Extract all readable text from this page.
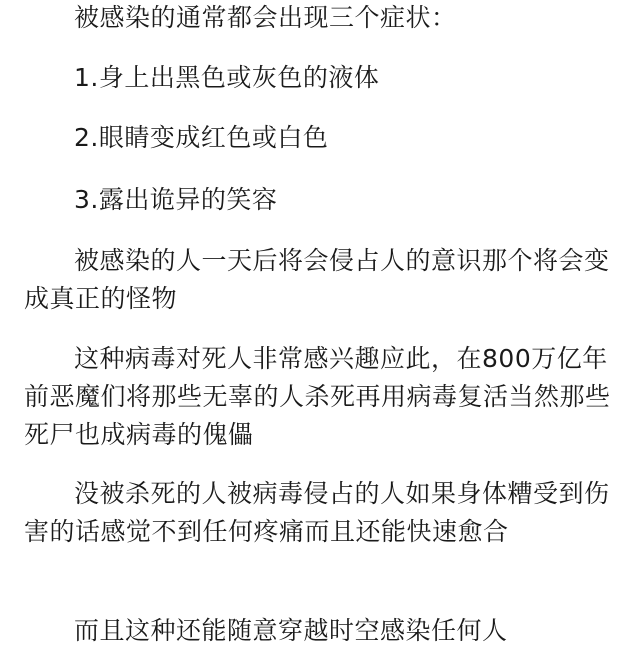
被感染的通常都会出现三个症状：

1.身上出黑色或灰色的液体

2.眼睛变成红色或白色

3.露出诡异的笑容

被感染的人一天后将会侵占人的意识那个将会变成真正的怪物

这种病毒对死人非常感兴趣应此，在800万亿年前恶魔们将那些无辜的人杀死再用病毒复活当然那些死尸也成病毒的傀儡

没被杀死的人被病毒侵占的人如果身体糟受到伤害的话感觉不到任何疼痛而且还能快速愈合

而且这种还能随意穿越时空感染任何人
